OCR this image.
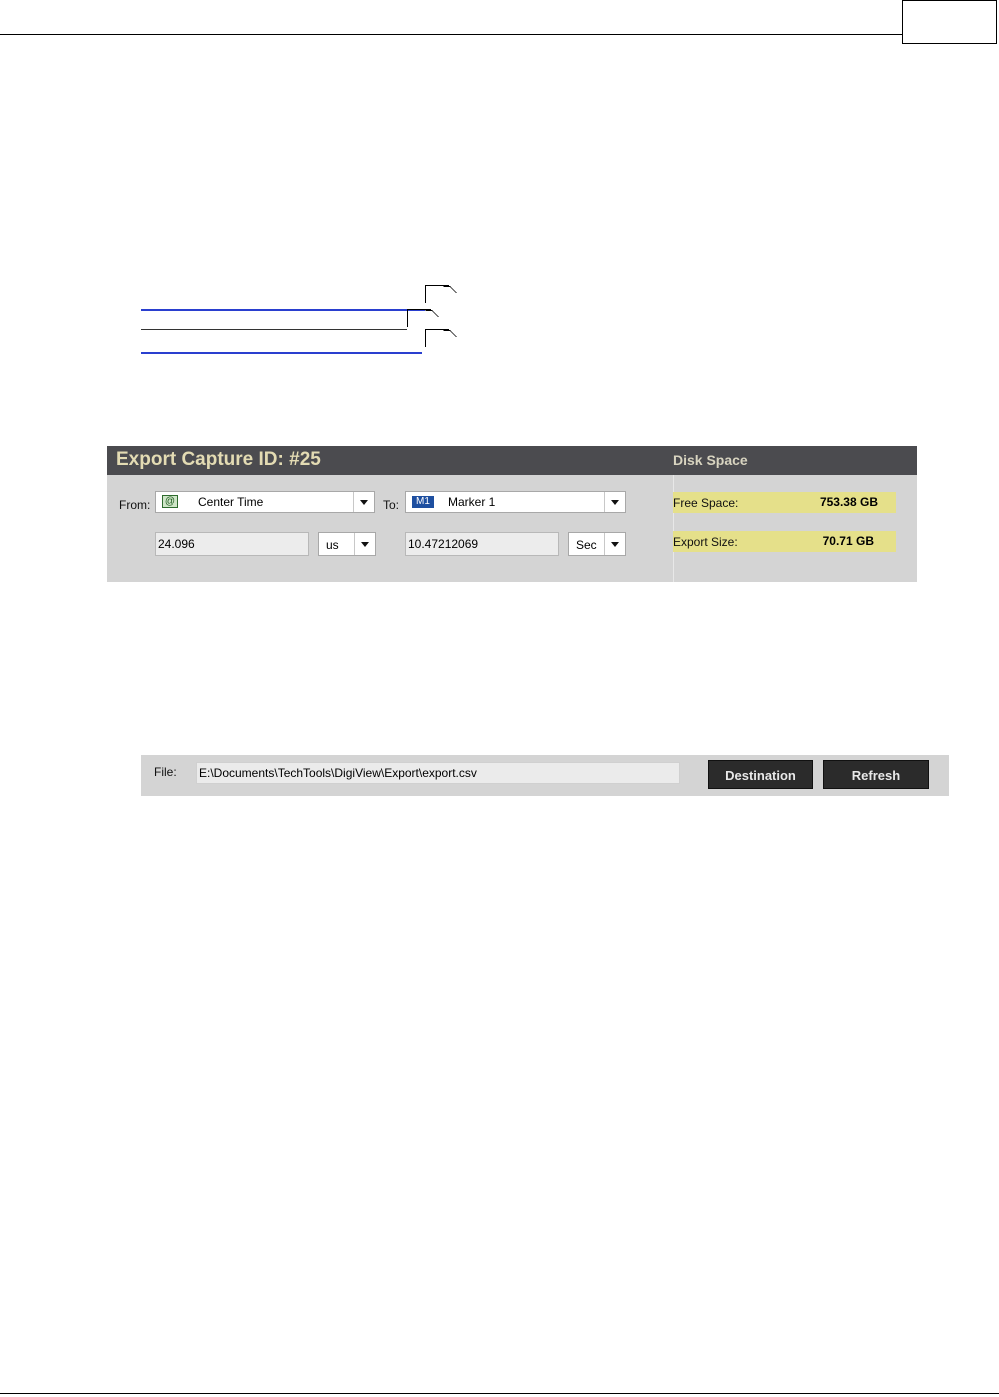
Export Capture ID: #25	Disk Space
From: @ Center Time	To:	M1	Marker 1
24.096	us	10.47212069	Sec
Free Space:	753.38 GB
Export Size:	70.71 GB
File: E:\Documents\TechTools\DigiView\Export\export.csv	Destination	Refresh
